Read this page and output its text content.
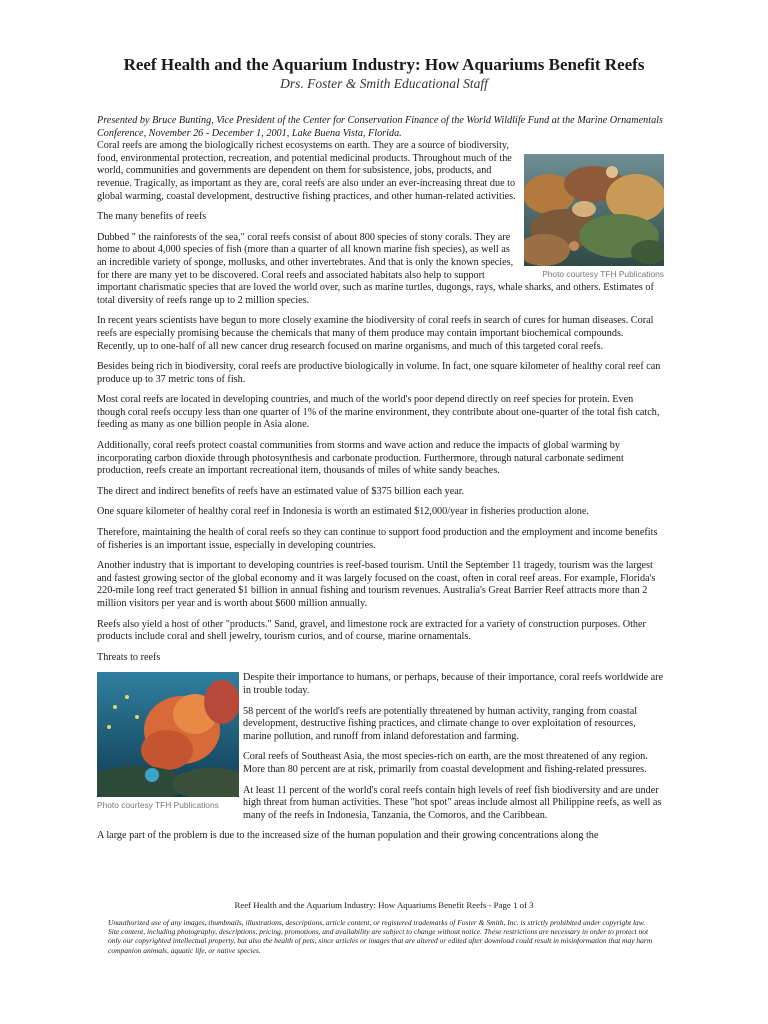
Reef Health and the Aquarium Industry: How Aquariums Benefit Reefs
Drs. Foster & Smith Educational Staff

Presented by Bruce Bunting, Vice President of the Center for Conservation Finance of the World Wildlife Fund at the Marine Ornamentals Conference, November 26 - December 1, 2001, Lake Buena Vista, Florida.

Photo courtesy TFH Publications

Coral reefs are among the biologically richest ecosystems on earth. They are a source of biodiversity, food, environmental protection, recreation, and potential medicinal products. Throughout much of the world, communities and governments are dependent on them for subsistence, jobs, products, and revenue. Tragically, as important as they are, coral reefs are also under an ever-increasing threat due to global warming, coastal development, destructive fishing practices, and other human-related activities.

The many benefits of reefs

Dubbed " the rainforests of the sea," coral reefs consist of about 800 species of stony corals. They are home to about 4,000 species of fish (more than a quarter of all known marine fish species), as well as an incredible variety of sponge, mollusks, and other invertebrates. And that is only the known species, for there are many yet to be discovered. Coral reefs and associated habitats also help to support important charismatic species that are loved the world over, such as marine turtles, dugongs, rays, whale sharks, and others. Estimates of total diversity of reefs range up to 2 million species.

In recent years scientists have begun to more closely examine the biodiversity of coral reefs in search of cures for human diseases. Coral reefs are especially promising because the chemicals that many of them produce may contain important biochemical compounds. Recently, up to one-half of all new cancer drug research focused on marine organisms, and much of this targeted coral reefs.

Besides being rich in biodiversity, coral reefs are productive biologically in volume. In fact, one square kilometer of healthy coral reef can produce up to 37 metric tons of fish.

Most coral reefs are located in developing countries, and much of the world's poor depend directly on reef species for protein. Even though coral reefs occupy less than one quarter of 1% of the marine environment, they contribute about one-quarter of the total fish catch, feeding as many as one billion people in Asia alone.

Additionally, coral reefs protect coastal communities from storms and wave action and reduce the impacts of global warming by incorporating carbon dioxide through photosynthesis and carbonate production. Furthermore, through natural carbonate sediment production, reefs create an important recreational item, thousands of miles of white sandy beaches.

The direct and indirect benefits of reefs have an estimated value of $375 billion each year.

One square kilometer of healthy coral reef in Indonesia is worth an estimated $12,000/year in fisheries production alone.

Therefore, maintaining the health of coral reefs so they can continue to support food production and the employment and income benefits of fisheries is an important issue, especially in developing countries.

Another industry that is important to developing countries is reef-based tourism. Until the September 11 tragedy, tourism was the largest and fastest growing sector of the global economy and it was largely focused on the coast, often in coral reef areas. For example, Florida's 220-mile long reef tract generated $1 billion in annual fishing and tourism revenues. Australia's Great Barrier Reef attracts more than 2 million visitors per year and is worth about $600 million annually.

Reefs also yield a host of other "products." Sand, gravel, and limestone rock are extracted for a variety of construction purposes. Other products include coral and shell jewelry, tourism curios, and of course, marine ornamentals.

Threats to reefs

Photo courtesy TFH Publications

Despite their importance to humans, or perhaps, because of their importance, coral reefs worldwide are in trouble today.

58 percent of the world's reefs are potentially threatened by human activity, ranging from coastal development, destructive fishing practices, and climate change to over exploitation of resources, marine pollution, and runoff from inland deforestation and farming.

Coral reefs of Southeast Asia, the most species-rich on earth, are the most threatened of any region. More than 80 percent are at risk, primarily from coastal development and fishing-related pressures.

At least 11 percent of the world's coral reefs contain high levels of reef fish biodiversity and are under high threat from human activities. These "hot spot" areas include almost all Philippine reefs, as well as many of the reefs in Indonesia, Tanzania, the Comoros, and the Caribbean.

A large part of the problem is due to the increased size of the human population and their growing concentrations along the

Reef Health and the Aquarium Industry: How Aquariums Benefit Reefs - Page 1 of 3

Unauthorized use of any images, thumbnails, illustrations, descriptions, article content, or registered trademarks of Foster & Smith, Inc. is strictly prohibited under copyright law. Site content, including photography, descriptions, pricing, promotions, and availability are subject to change without notice. These restrictions are necessary in order to protect not only our copyrighted intellectual property, but also the health of pets, since articles or images that are altered or edited after download could result in misinformation that may harm companion animals, aquatic life, or native species.
